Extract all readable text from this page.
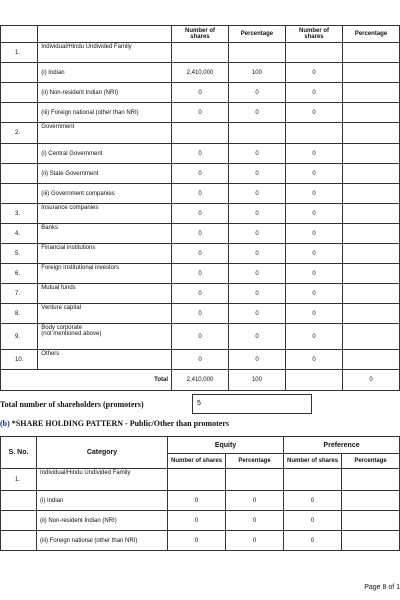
		Number of shares	Percentage	Number of shares	Percentage
1.	Individual/Hindu Undivided Family				
	(i) Indian	2,410,000	100	0	
	(ii) Non-resident Indian (NRI)	0	0	0	
	(iii) Foreign national (other than NRI)	0	0	0	
2.	Government				
	(i) Central Government	0	0	0	
	(ii) State Government	0	0	0	
	(iii) Government companies	0	0	0	
3.	Insurance companies	0	0	0	
4.	Banks	0	0	0	
5.	Financial institutions	0	0	0	
6.	Foreign institutional investors	0	0	0	
7.	Mutual funds	0	0	0	
8.	Venture capital	0	0	0	
9.	Body corporate
(not mentioned above)	0	0	0	
10.	Others	0	0	0	
Total		2,410,000	100		0
Total number of shareholders (promoters)	5
(b) *SHARE HOLDING PATTERN - Public/Other than promoters
S. No.	Category	Equity		Preference	
		Number of shares	Percentage	Number of shares	Percentage
1.	Individual/Hindu Undivided Family				
	(i) Indian	0	0	0	
	(ii) Non-resident Indian (NRI)	0	0	0	
	(iii) Foreign national (other than NRI)	0	0	0	
Page 8 of 1
